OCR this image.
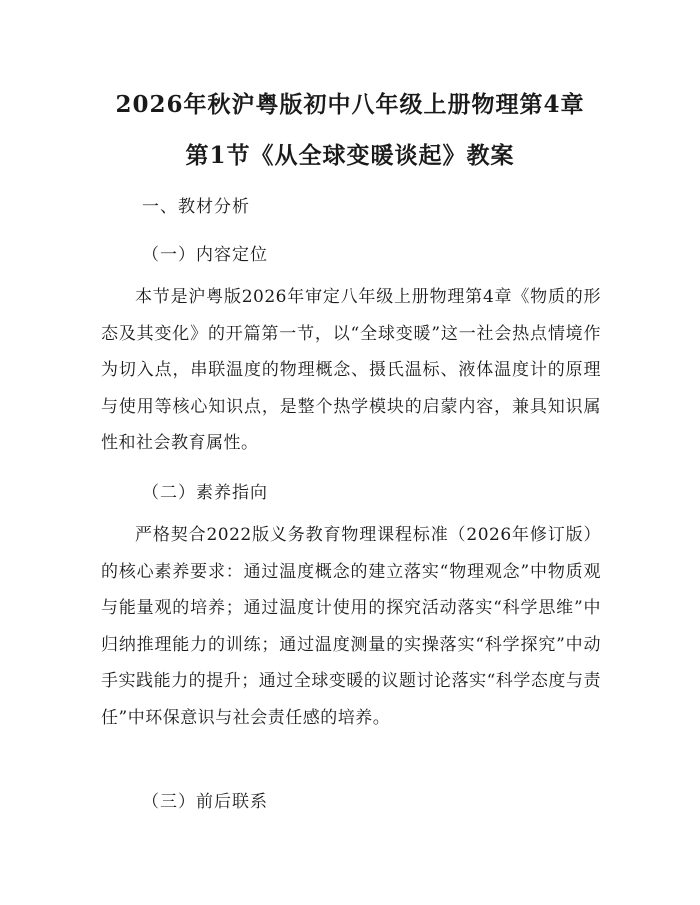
2026年秋沪粤版初中八年级上册物理第4章
第1节《从全球变暖谈起》教案
一、教材分析
（一）内容定位

本节是沪粤版2026年审定八年级上册物理第4章《物质的形态及其变化》的开篇第一节，以“全球变暖”这一社会热点情境作为切入点，串联温度的物理概念、摄氏温标、液体温度计的原理与使用等核心知识点，是整个热学模块的启蒙内容，兼具知识属性和社会教育属性。

（二）素养指向

严格契合2022版义务教育物理课程标准（2026年修订版）的核心素养要求：通过温度概念的建立落实“物理观念”中物质观与能量观的培养；通过温度计使用的探究活动落实“科学思维”中归纳推理能力的训练；通过温度测量的实操落实“科学探究”中动手实践能力的提升；通过全球变暖的议题讨论落实“科学态度与责任”中环保意识与社会责任感的培养。

（三）前后联系
